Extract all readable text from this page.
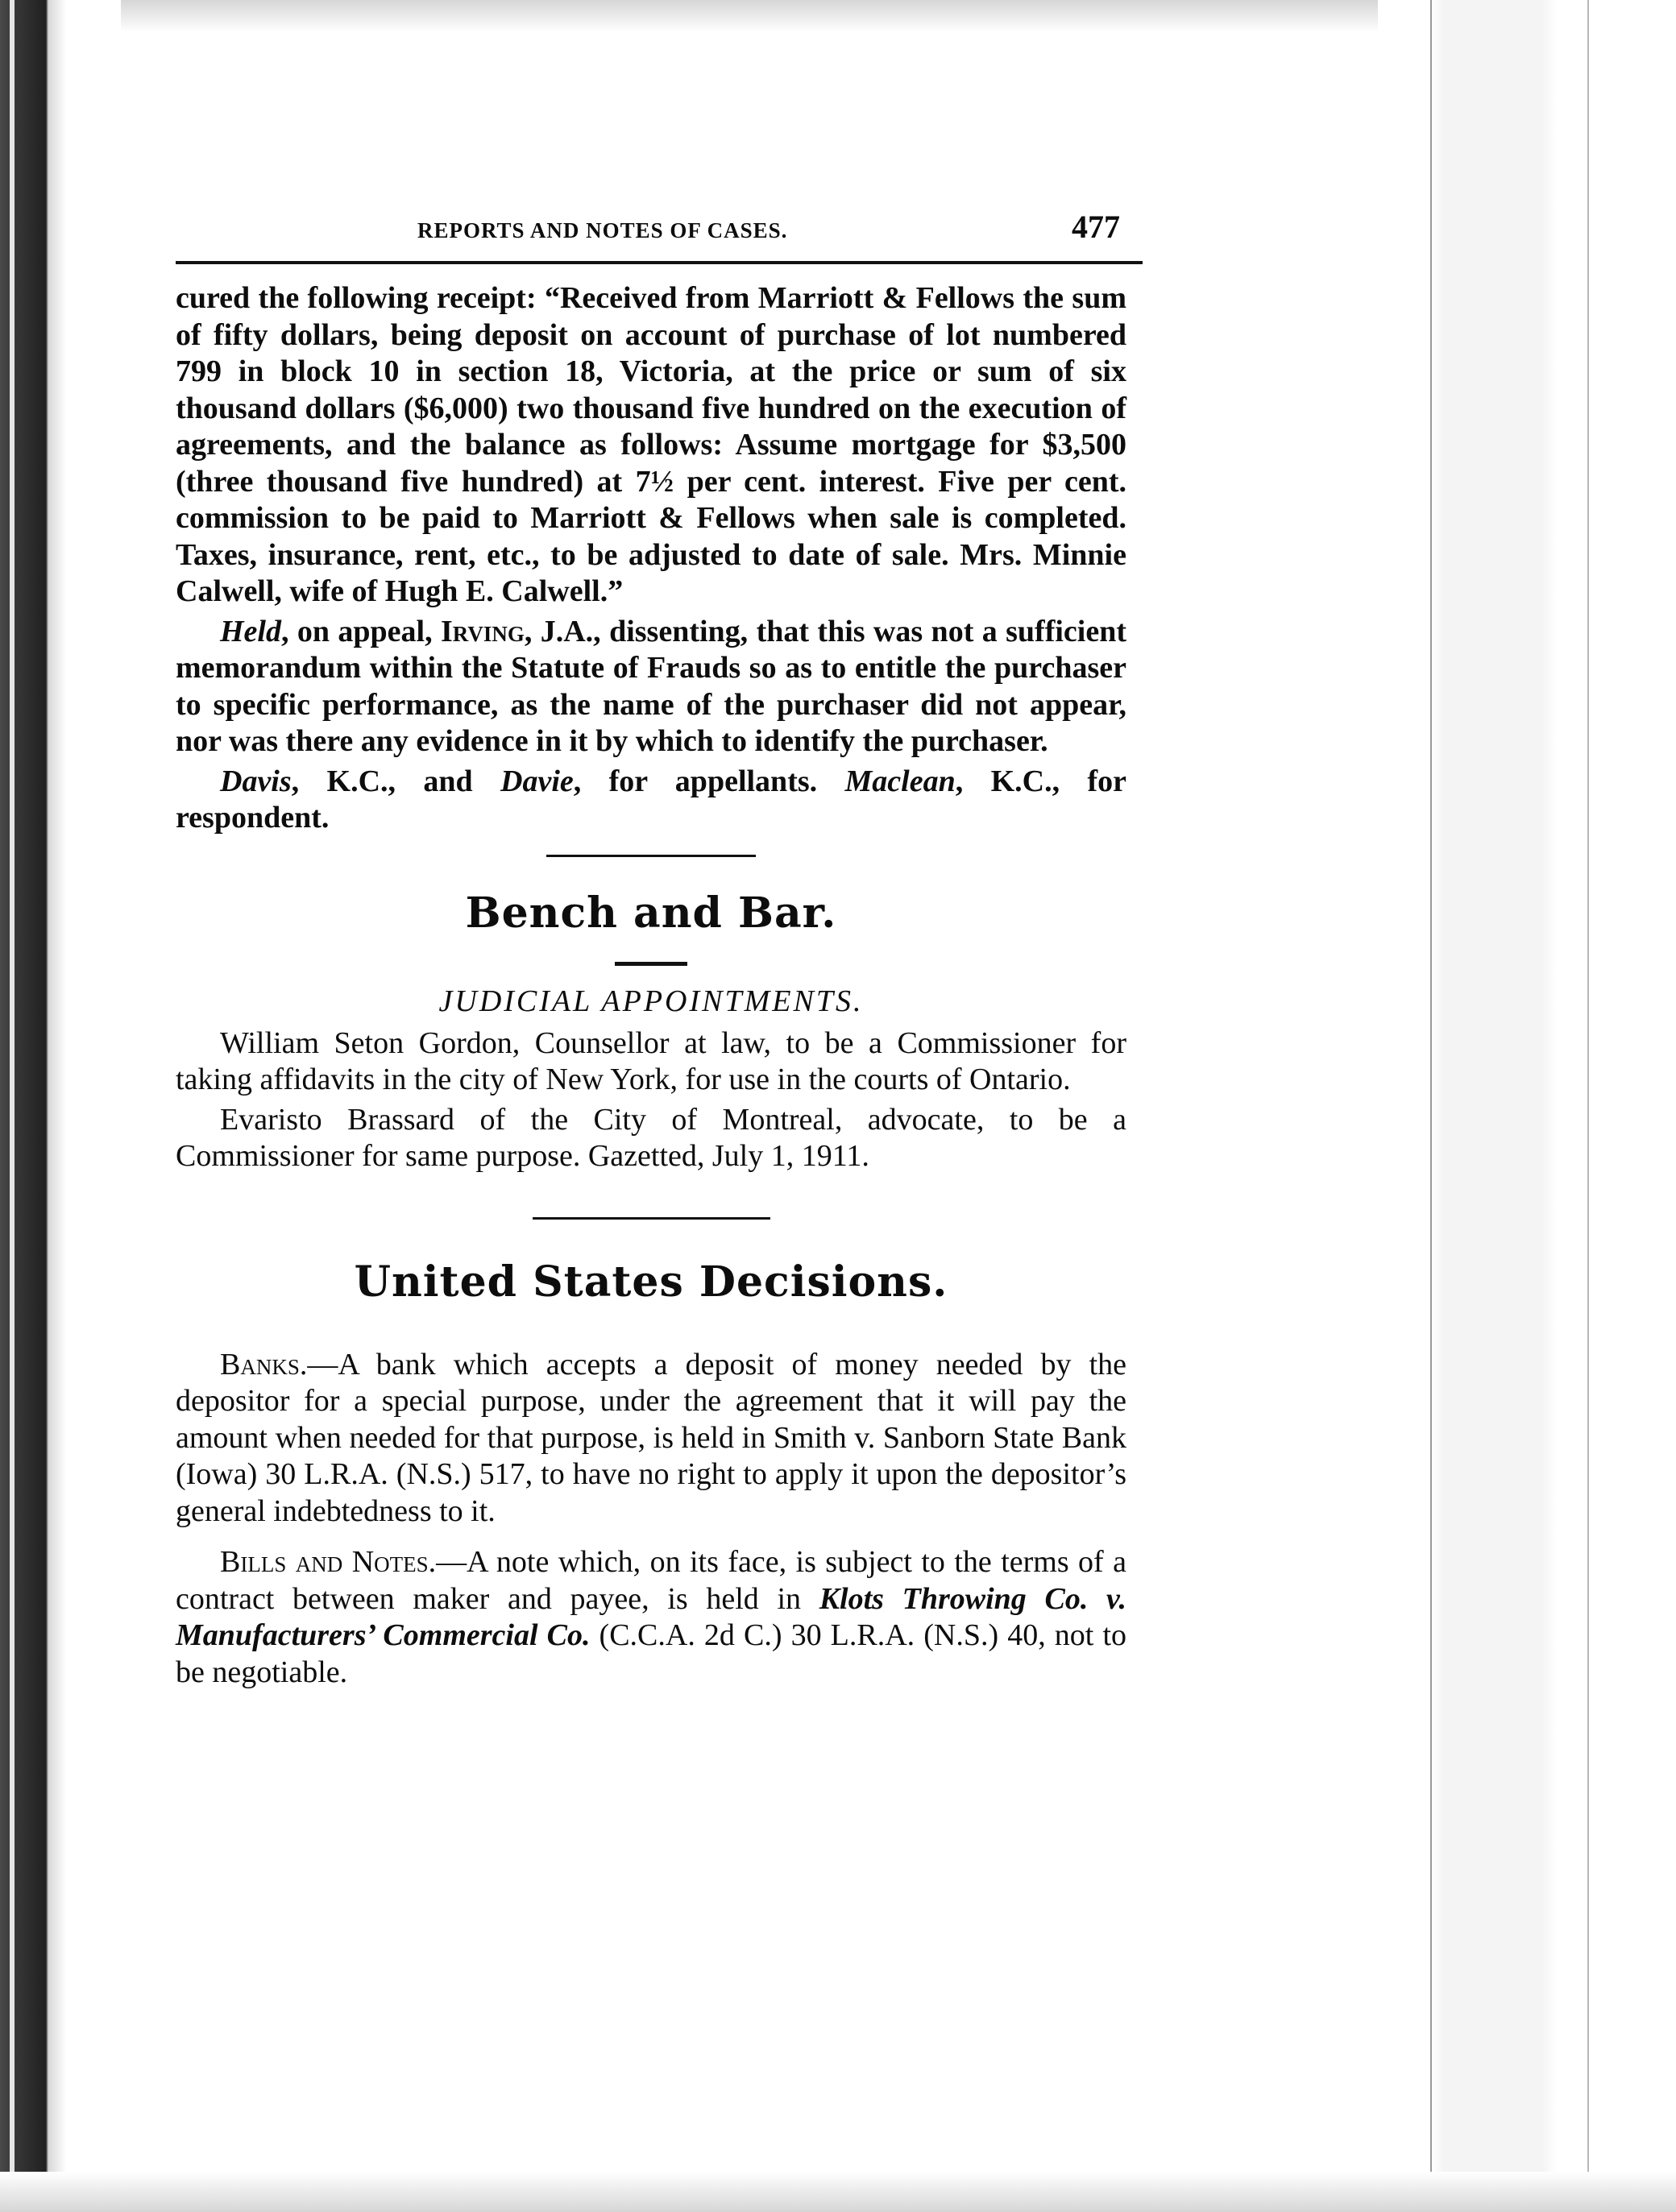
REPORTS AND NOTES OF CASES.	477

cured the following receipt: “Received from Marriott & Fellows the sum of fifty dollars, being deposit on account of purchase of lot numbered 799 in block 10 in section 18, Victoria, at the price or sum of six thousand dollars ($6,000) two thousand five hundred on the execution of agreements, and the balance as follows: Assume mortgage for $3,500 (three thousand five hundred) at 7½ per cent. interest. Five per cent. commission to be paid to Marriott & Fellows when sale is completed. Taxes, insurance, rent, etc., to be adjusted to date of sale. Mrs. Minnie Calwell, wife of Hugh E. Calwell.”

Held, on appeal, Irving, J.A., dissenting, that this was not a sufficient memorandum within the Statute of Frauds so as to entitle the purchaser to specific performance, as the name of the purchaser did not appear, nor was there any evidence in it by which to identify the purchaser.

Davis, K.C., and Davie, for appellants. Maclean, K.C., for respondent.

Bench and Bar.
JUDICIAL APPOINTMENTS.

William Seton Gordon, Counsellor at law, to be a Commissioner for taking affidavits in the city of New York, for use in the courts of Ontario.

Evaristo Brassard of the City of Montreal, advocate, to be a Commissioner for same purpose. Gazetted, July 1, 1911.

United States Decisions.

Banks.—A bank which accepts a deposit of money needed by the depositor for a special purpose, under the agreement that it will pay the amount when needed for that purpose, is held in Smith v. Sanborn State Bank (Iowa) 30 L.R.A. (N.S.) 517, to have no right to apply it upon the depositor’s general indebtedness to it.

Bills and Notes.—A note which, on its face, is subject to the terms of a contract between maker and payee, is held in Klots Throwing Co. v. Manufacturers’ Commercial Co. (C.C.A. 2d C.) 30 L.R.A. (N.S.) 40, not to be negotiable.
